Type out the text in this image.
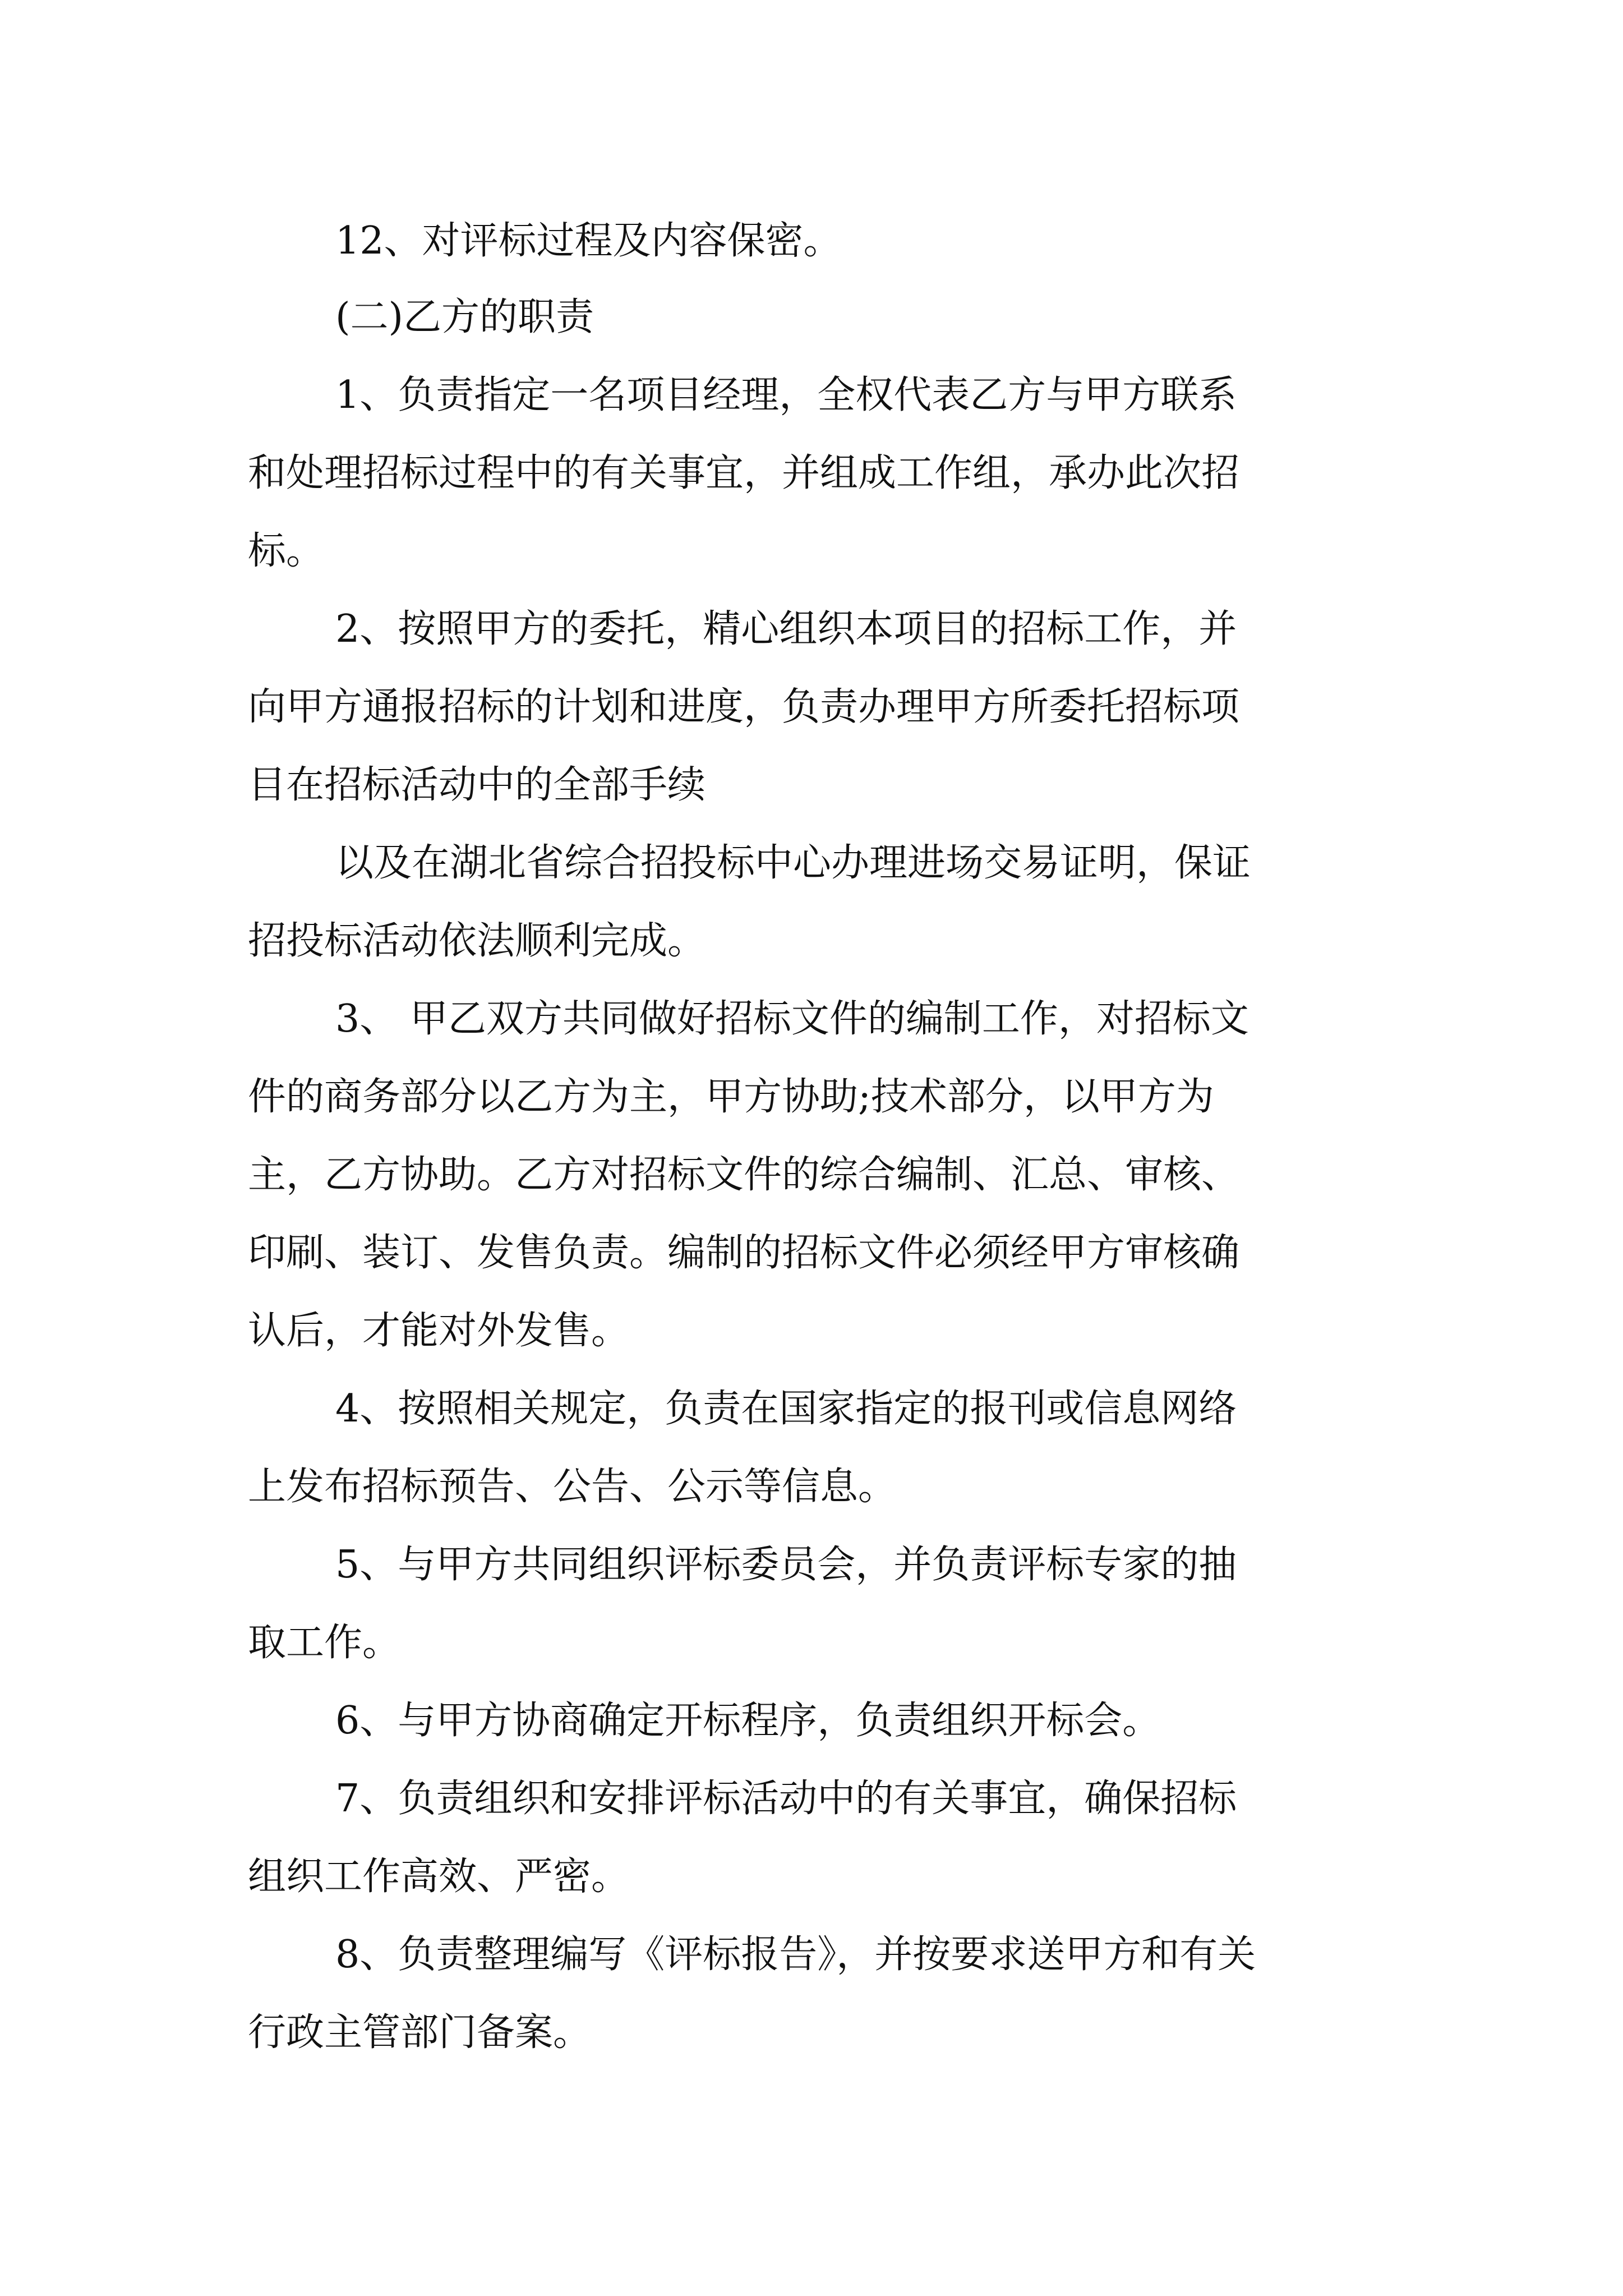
12、对评标过程及内容保密。

(二)乙方的职责

1、负责指定一名项目经理，全权代表乙方与甲方联系

和处理招标过程中的有关事宜，并组成工作组，承办此次招

标。

2、按照甲方的委托，精心组织本项目的招标工作，并

向甲方通报招标的计划和进度，负责办理甲方所委托招标项

目在招标活动中的全部手续

以及在湖北省综合招投标中心办理进场交易证明，保证

招投标活动依法顺利完成。

3、 甲乙双方共同做好招标文件的编制工作，对招标文

件的商务部分以乙方为主，甲方协助;技术部分，以甲方为

主，乙方协助。乙方对招标文件的综合编制、汇总、审核、

印刷、装订、发售负责。编制的招标文件必须经甲方审核确

认后，才能对外发售。

4、按照相关规定，负责在国家指定的报刊或信息网络

上发布招标预告、公告、公示等信息。

5、与甲方共同组织评标委员会，并负责评标专家的抽

取工作。

6、与甲方协商确定开标程序，负责组织开标会。

7、负责组织和安排评标活动中的有关事宜，确保招标

组织工作高效、严密。

8、负责整理编写《评标报告》，并按要求送甲方和有关

行政主管部门备案。
